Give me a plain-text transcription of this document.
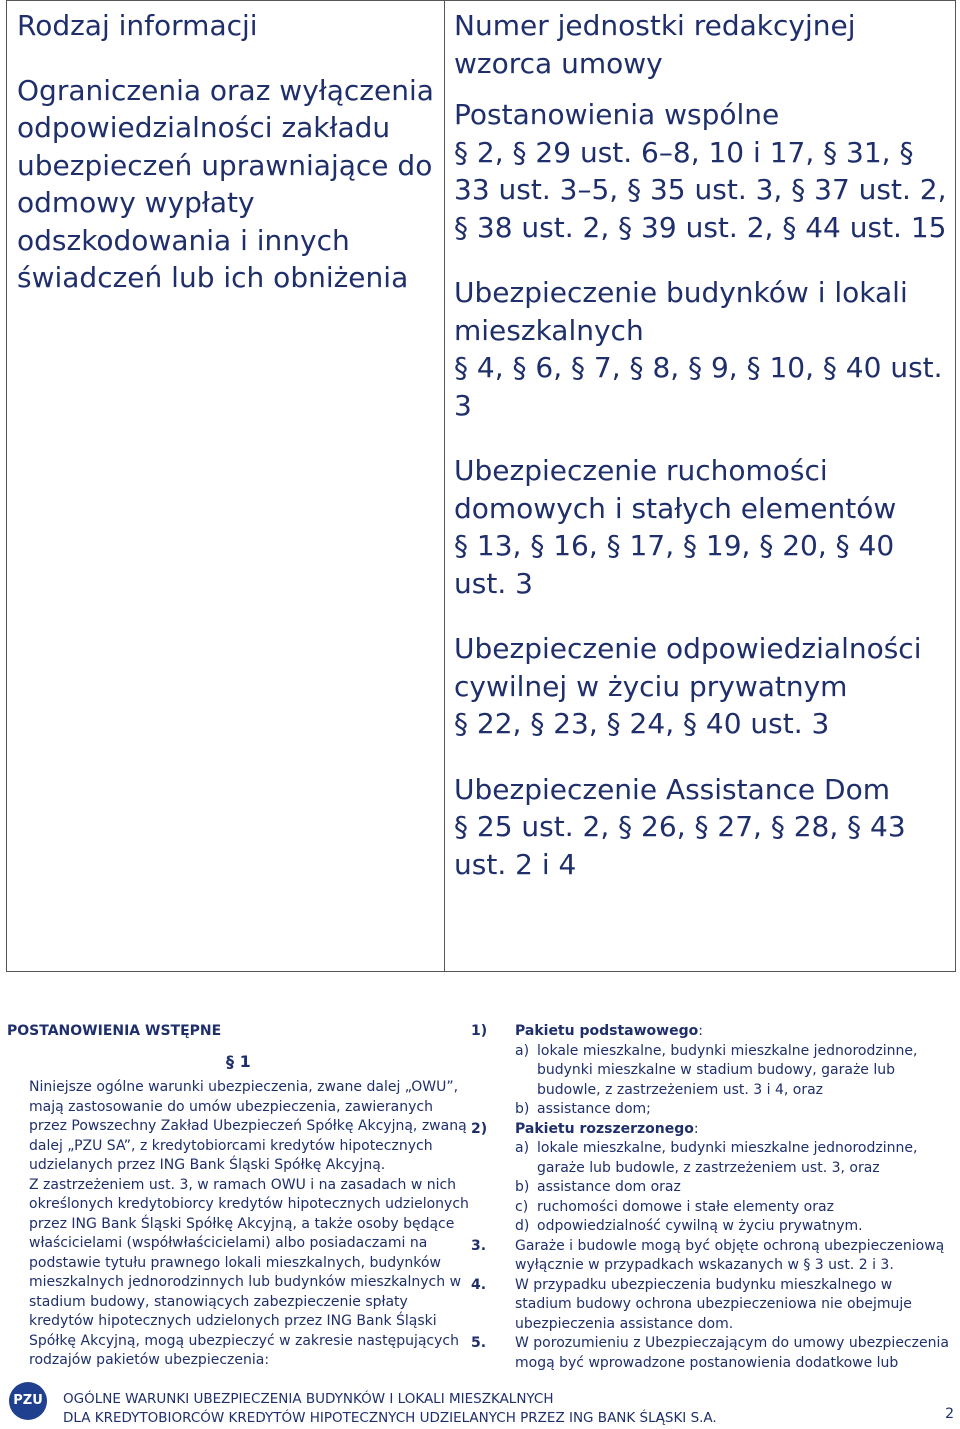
Rodzaj informacji
Ograniczenia oraz wyłączenia odpowiedzialności zakładu ubezpieczeń uprawniające do odmowy wypłaty odszkodowania i innych świadczeń lub ich obniżenia
Numer jednostki redakcyjnej wzorca umowy
Postanowienia wspólne
§ 2, § 29 ust. 6–8, 10 i 17, § 31, § 33 ust. 3–5, § 35 ust. 3, § 37 ust. 2, § 38 ust. 2, § 39 ust. 2, § 44 ust. 15
Ubezpieczenie budynków i lokali mieszkalnych
§ 4, § 6, § 7, § 8, § 9, § 10, § 40 ust. 3
Ubezpieczenie ruchomości domowych i stałych elementów
§ 13, § 16, § 17, § 19, § 20, § 40 ust. 3
Ubezpieczenie odpowiedzialności cywilnej w życiu prywatnym
§ 22, § 23, § 24, § 40 ust. 3
Ubezpieczenie Assistance Dom
§ 25 ust. 2, § 26, § 27, § 28, § 43 ust. 2 i 4
POSTANOWIENIA WSTĘPNE
§ 1
Niniejsze ogólne warunki ubezpieczenia, zwane dalej „OWU”, mają zastosowanie do umów ubezpieczenia, zawieranych przez Powszechny Zakład Ubezpieczeń Spółkę Akcyjną, zwaną dalej „PZU SA”, z kredytobiorcami kredytów hipotecznych udzielanych przez ING Bank Śląski Spółkę Akcyjną.
Z zastrzeżeniem ust. 3, w ramach OWU i na zasadach w nich określonych kredytobiorcy kredytów hipotecznych udzielonych przez ING Bank Śląski Spółkę Akcyjną, a także osoby będące właścicielami (współwłaścicielami) albo posiadaczami na podstawie tytułu prawnego lokali mieszkalnych, budynków mieszkalnych jednorodzinnych lub budynków mieszkalnych w stadium budowy, stanowiących zabezpieczenie spłaty kredytów hipotecznych udzielonych przez ING Bank Śląski Spółkę Akcyjną, mogą ubezpieczyć w zakresie następujących rodzajów pakietów ubezpieczenia:
1) Pakietu podstawowego:
a) lokale mieszkalne, budynki mieszkalne jednorodzinne, budynki mieszkalne w stadium budowy, garaże lub budowle, z zastrzeżeniem ust. 3 i 4, oraz
b) assistance dom;
2) Pakietu rozszerzonego:
a) lokale mieszkalne, budynki mieszkalne jednorodzinne, garaże lub budowle, z zastrzeżeniem ust. 3, oraz
b) assistance dom oraz
c) ruchomości domowe i stałe elementy oraz
d) odpowiedzialność cywilną w życiu prywatnym.
3. Garaże i budowle mogą być objęte ochroną ubezpieczeniową wyłącznie w przypadkach wskazanych w § 3 ust. 2 i 3.
4. W przypadku ubezpieczenia budynku mieszkalnego w stadium budowy ochrona ubezpieczeniowa nie obejmuje ubezpieczenia assistance dom.
5. W porozumieniu z Ubezpieczającym do umowy ubezpieczenia mogą być wprowadzone postanowienia dodatkowe lub
PZU	OGÓLNE WARUNKI UBEZPIECZENIA BUDYNKÓW I LOKALI MIESZKALNYCH
DLA KREDYTOBIORCÓW KREDYTÓW HIPOTECZNYCH UDZIELANYCH PRZEZ ING BANK ŚLĄSKI S.A.	2
